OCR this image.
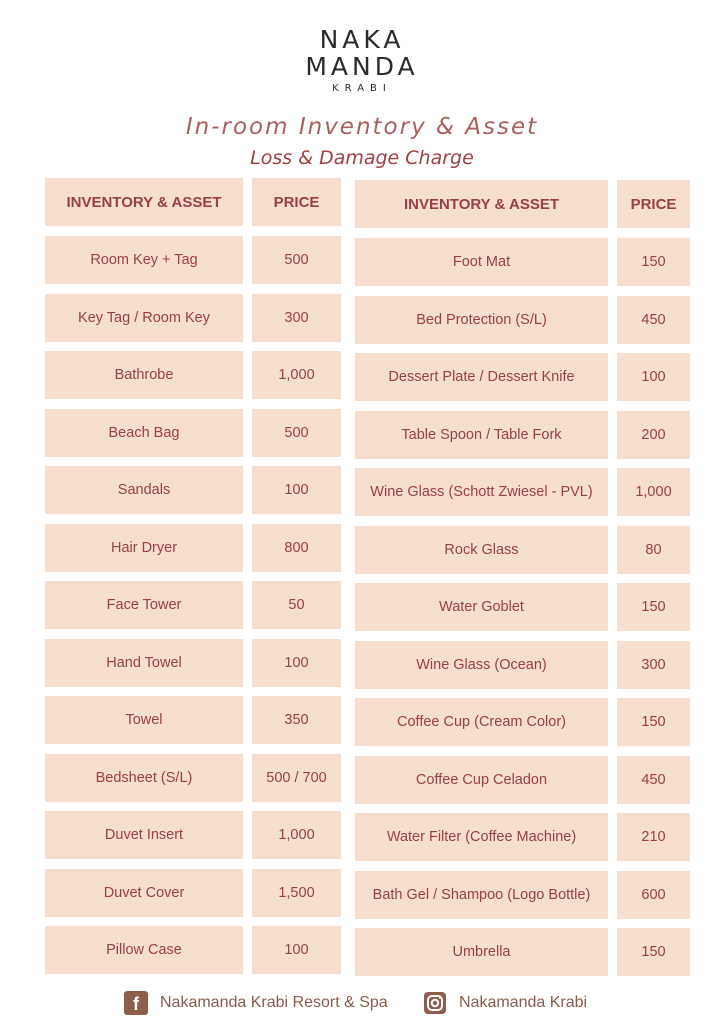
NAKA
MANDA
KRABI
In-room Inventory & Asset
Loss & Damage Charge
INVENTORY & ASSET	PRICE
Room Key + Tag	500
Key Tag / Room Key	300
Bathrobe	1,000
Beach Bag	500
Sandals	100
Hair Dryer	800
Face Tower	50
Hand Towel	100
Towel	350
Bedsheet (S/L)	500 / 700
Duvet Insert	1,000
Duvet Cover	1,500
Pillow Case	100
INVENTORY & ASSET	PRICE
Foot Mat	150
Bed Protection (S/L)	450
Dessert Plate / Dessert Knife	100
Table Spoon / Table Fork	200
Wine Glass (Schott Zwiesel - PVL)	1,000
Rock Glass	80
Water Goblet	150
Wine Glass (Ocean)	300
Coffee Cup (Cream Color)	150
Coffee Cup Celadon	450
Water Filter (Coffee Machine)	210
Bath Gel / Shampoo (Logo Bottle)	600
Umbrella	150
f	Nakamanda Krabi Resort & Spa	Nakamanda Krabi
